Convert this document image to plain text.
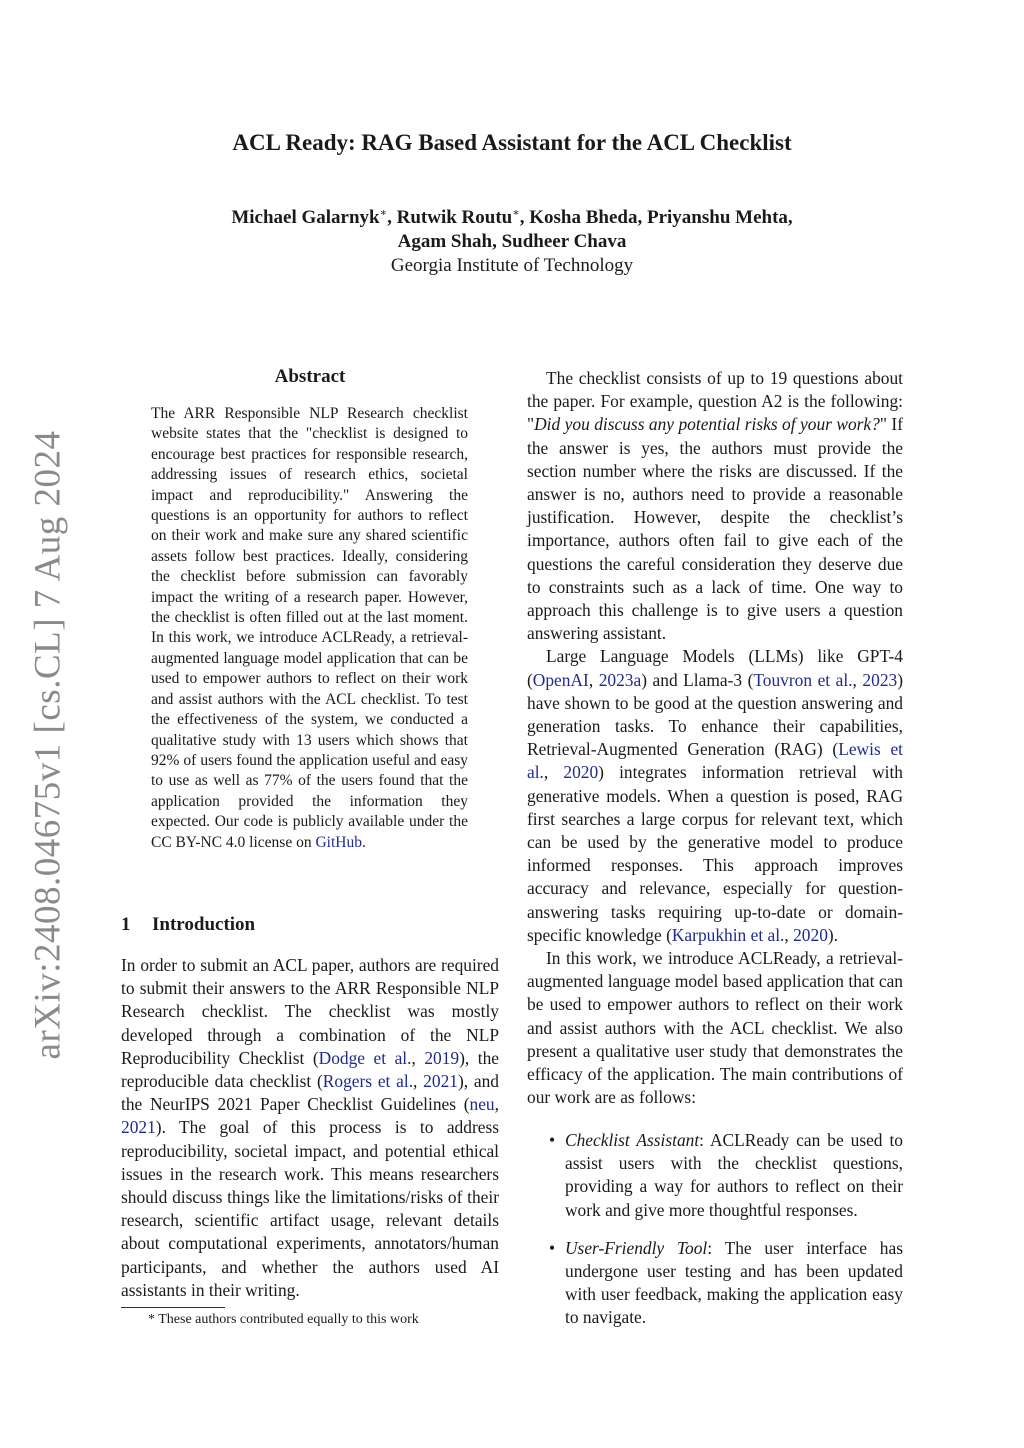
arXiv:2408.04675v1 [cs.CL] 7 Aug 2024
ACL Ready: RAG Based Assistant for the ACL Checklist
Michael Galarnyk∗, Rutwik Routu∗, Kosha Bheda, Priyanshu Mehta,
Agam Shah, Sudheer Chava
Georgia Institute of Technology
Abstract
The ARR Responsible NLP Research checklist website states that the "checklist is designed to encourage best practices for responsible research, addressing issues of research ethics, societal impact and reproducibility." Answering the questions is an opportunity for authors to reflect on their work and make sure any shared scientific assets follow best practices. Ideally, considering the checklist before submission can favorably impact the writing of a research paper. However, the checklist is often filled out at the last moment. In this work, we introduce ACLReady, a retrieval-augmented language model application that can be used to empower authors to reflect on their work and assist authors with the ACL checklist. To test the effectiveness of the system, we conducted a qualitative study with 13 users which shows that 92% of users found the application useful and easy to use as well as 77% of the users found that the application provided the information they expected. Our code is publicly available under the CC BY-NC 4.0 license on GitHub.
1 Introduction
In order to submit an ACL paper, authors are required to submit their answers to the ARR Responsible NLP Research checklist. The checklist was mostly developed through a combination of the NLP Reproducibility Checklist (Dodge et al., 2019), the reproducible data checklist (Rogers et al., 2021), and the NeurIPS 2021 Paper Checklist Guidelines (neu, 2021). The goal of this process is to address reproducibility, societal impact, and potential ethical issues in the research work. This means researchers should discuss things like the limitations/risks of their research, scientific artifact usage, relevant details about computational experiments, annotators/human participants, and whether the authors used AI assistants in their writing.
* These authors contributed equally to this work

The checklist consists of up to 19 questions about the paper. For example, question A2 is the following: "Did you discuss any potential risks of your work?" If the answer is yes, the authors must provide the section number where the risks are discussed. If the answer is no, authors need to provide a reasonable justification. However, despite the checklist’s importance, authors often fail to give each of the questions the careful consideration they deserve due to constraints such as a lack of time. One way to approach this challenge is to give users a question answering assistant.

Large Language Models (LLMs) like GPT-4 (OpenAI, 2023a) and Llama-3 (Touvron et al., 2023) have shown to be good at the question answering and generation tasks. To enhance their capabilities, Retrieval-Augmented Generation (RAG) (Lewis et al., 2020) integrates information retrieval with generative models. When a question is posed, RAG first searches a large corpus for relevant text, which can be used by the generative model to produce informed responses. This approach improves accuracy and relevance, especially for question-answering tasks requiring up-to-date or domain-specific knowledge (Karpukhin et al., 2020).

In this work, we introduce ACLReady, a retrieval-augmented language model based application that can be used to empower authors to reflect on their work and assist authors with the ACL checklist. We also present a qualitative user study that demonstrates the efficacy of the application. The main contributions of our work are as follows:

• Checklist Assistant: ACLReady can be used to assist users with the checklist questions, providing a way for authors to reflect on their work and give more thoughtful responses.
• User-Friendly Tool: The user interface has undergone user testing and has been updated with user feedback, making the application easy to navigate.
